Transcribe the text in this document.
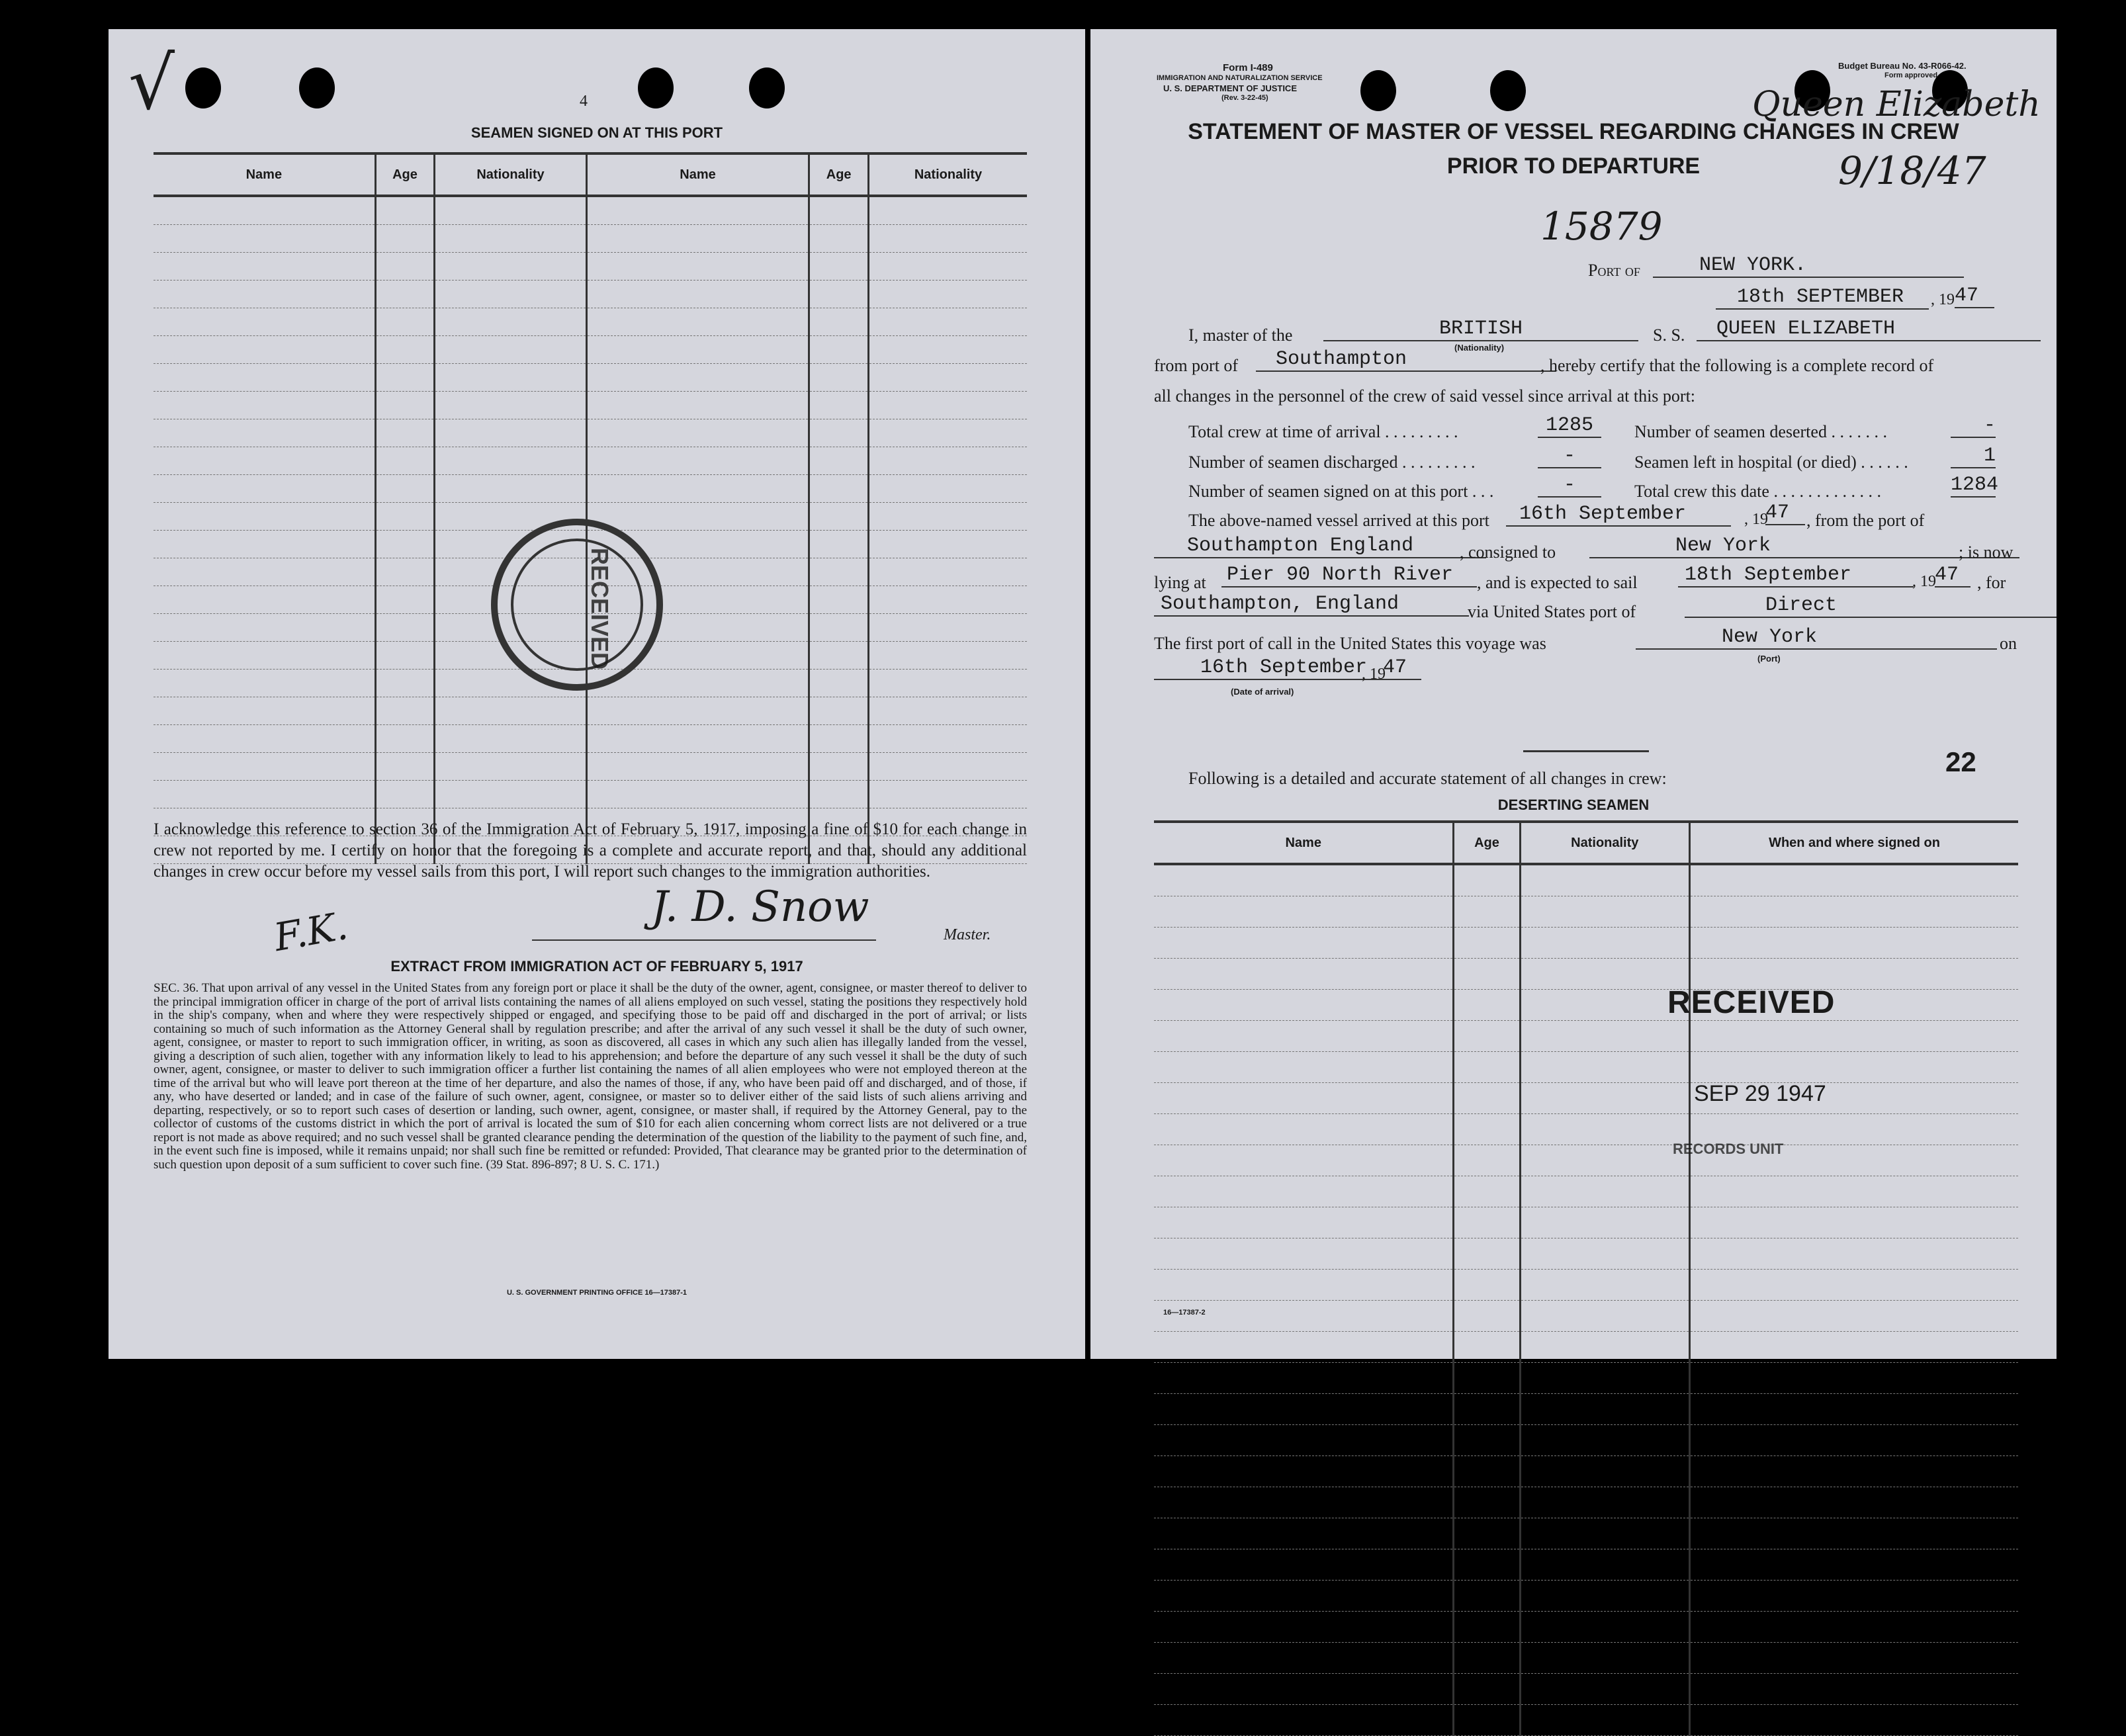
√	4
SEAMEN SIGNED ON AT THIS PORT
Name	Age	Nationality	Name	Age	Nationality

RECEIVED
I acknowledge this reference to section 36 of the Immigration Act of February 5, 1917, imposing a fine of $10 for each change in crew not reported by me. I certify on honor that the foregoing is a complete and accurate report, and that, should any additional changes in crew occur before my vessel sails from this port, I will report such changes to the immigration authorities.
J. D. Snow
Master.
F.K.
EXTRACT FROM IMMIGRATION ACT OF FEBRUARY 5, 1917
SEC. 36. That upon arrival of any vessel in the United States from any foreign port or place it shall be the duty of the owner, agent, consignee, or master thereof to deliver to the principal immigration officer in charge of the port of arrival lists containing the names of all aliens employed on such vessel, stating the positions they respectively hold in the ship's company, when and where they were respectively shipped or engaged, and specifying those to be paid off and discharged in the port of arrival; or lists containing so much of such information as the Attorney General shall by regulation prescribe; and after the arrival of any such vessel it shall be the duty of such owner, agent, consignee, or master to report to such immigration officer, in writing, as soon as discovered, all cases in which any such alien has illegally landed from the vessel, giving a description of such alien, together with any information likely to lead to his apprehension; and before the departure of any such vessel it shall be the duty of such owner, agent, consignee, or master to deliver to such immigration officer a further list containing the names of all alien employees who were not employed thereon at the time of the arrival but who will leave port thereon at the time of her departure, and also the names of those, if any, who have been paid off and discharged, and of those, if any, who have deserted or landed; and in case of the failure of such owner, agent, consignee, or master so to deliver either of the said lists of such aliens arriving and departing, respectively, or so to report such cases of desertion or landing, such owner, agent, consignee, or master shall, if required by the Attorney General, pay to the collector of customs of the customs district in which the port of arrival is located the sum of $10 for each alien concerning whom correct lists are not delivered or a true report is not made as above required; and no such vessel shall be granted clearance pending the determination of the question of the liability to the payment of such fine, and, in the event such fine is imposed, while it remains unpaid; nor shall such fine be remitted or refunded: Provided, That clearance may be granted prior to the determination of such question upon deposit of a sum sufficient to cover such fine. (39 Stat. 896-897; 8 U. S. C. 171.)
U. S. GOVERNMENT PRINTING OFFICE 16—17387-1
Form I-489
IMMIGRATION AND NATURALIZATION SERVICE
U. S. DEPARTMENT OF JUSTICE
(Rev. 3-22-45)
Budget Bureau No. 43-R066-42.
Form approved
Queen Elizabeth
9/18/47
STATEMENT OF MASTER OF VESSEL REGARDING CHANGES IN CREW
PRIOR TO DEPARTURE
15879
Port of	NEW YORK.
18th SEPTEMBER	, 19 47
I, master of the	BRITISH
(Nationality)
S. S.	QUEEN ELIZABETH
from port of	Southampton	, hereby certify that the following is a complete record of
all changes in the personnel of the crew of said vessel since arrival at this port:
Total crew at time of arrival . . . . . . . . .	1285	Number of seamen deserted . . . . . . .	-
Number of seamen discharged . . . . . . . . .	-	Seamen left in hospital (or died) . . . . . .	1
Number of seamen signed on at this port . . .	-	Total crew this date . . . . . . . . . . . . .	1284
The above-named vessel arrived at this port	16th September	, 19
47 , from the port of
Southampton England	, consigned to	New York	; is now
lying at Pier 90 North River	, and is expected to sail	18th September	, 19
47	, for
Southampton, England	via United States port of	Direct
The first port of call in the United States this voyage was	New York
(Port)
on
16th September
, 19
47
(Date of arrival)
Following is a detailed and accurate statement of all changes in crew:
22
DESERTING SEAMEN
Name	Age	Nationality	When and where signed on

RECEIVED
SEP 29 1947
RECORDS UNIT
16—17387-2
